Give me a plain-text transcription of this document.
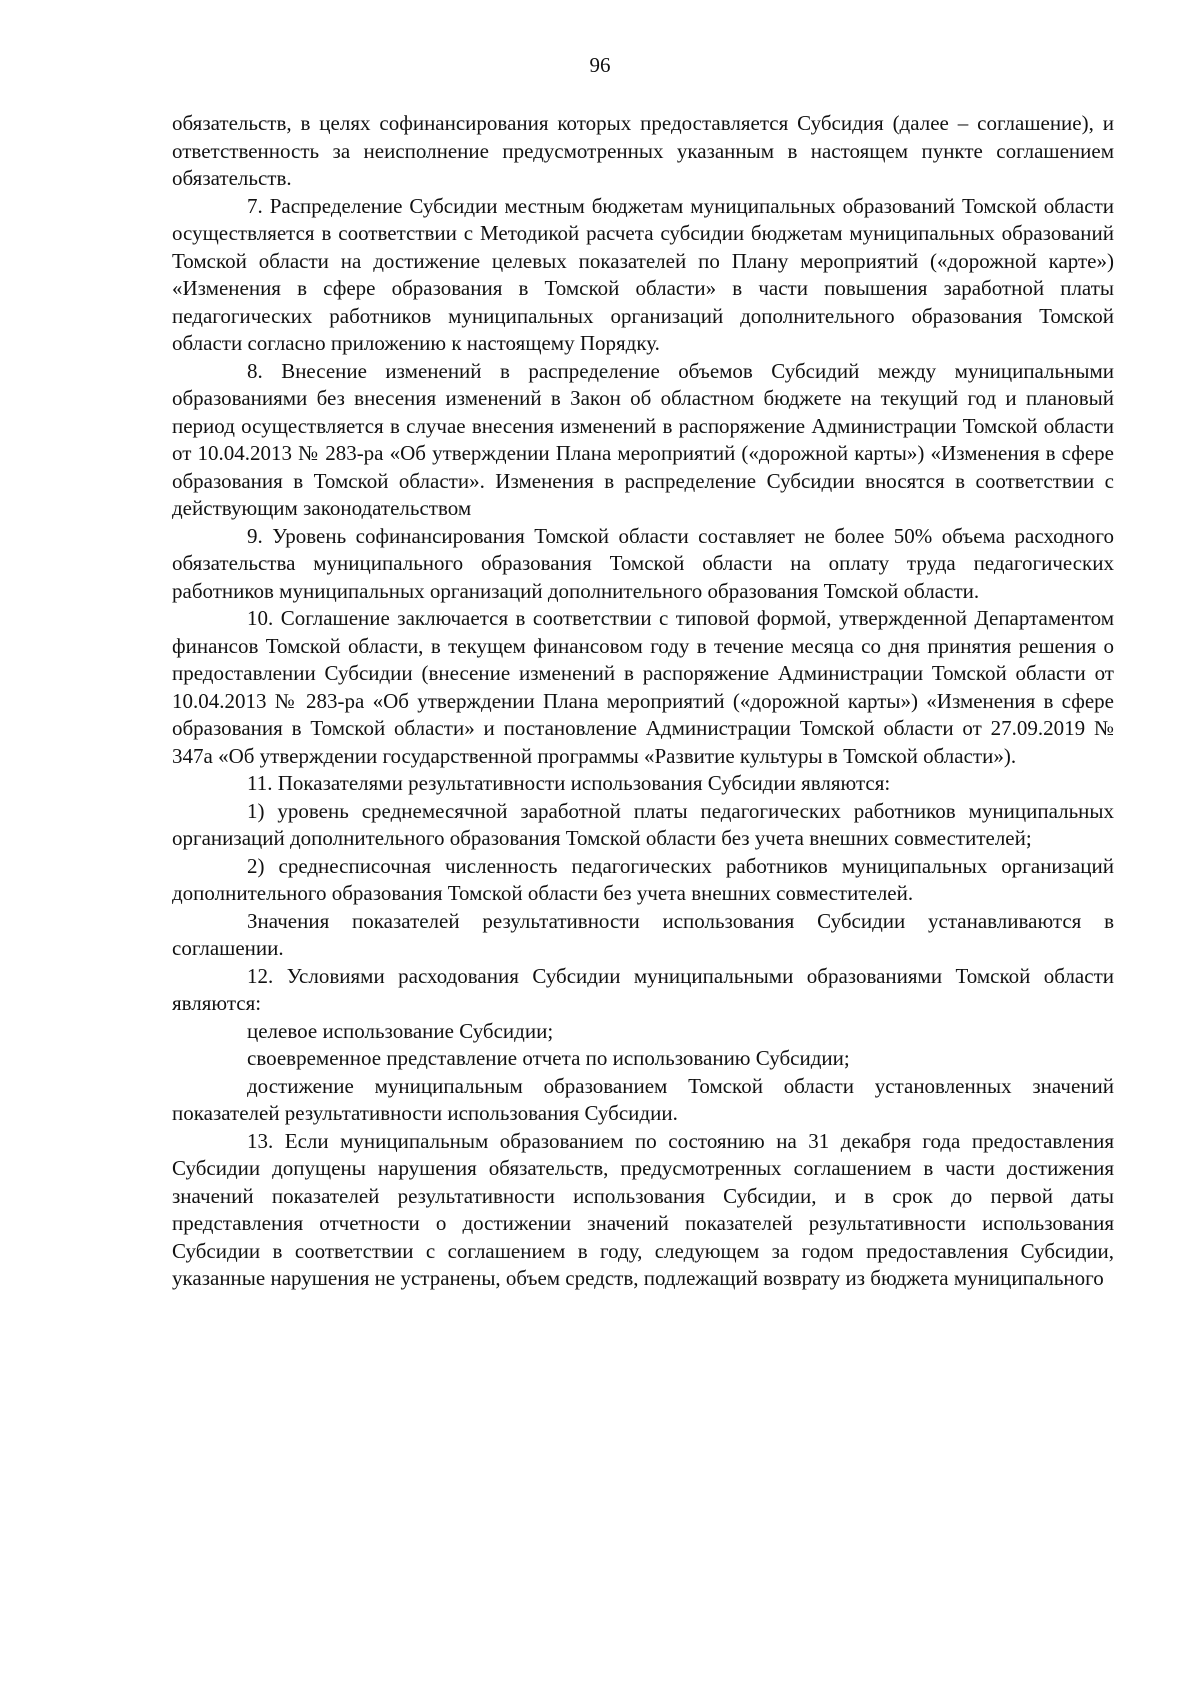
96

обязательств, в целях софинансирования которых предоставляется Субсидия (далее – соглашение), и ответственность за неисполнение предусмотренных указанным в настоящем пункте соглашением обязательств.

7. Распределение Субсидии местным бюджетам муниципальных образований Томской области осуществляется в соответствии с Методикой расчета субсидии бюджетам муниципальных образований Томской области на достижение целевых показателей по Плану мероприятий («дорожной карте») «Изменения в сфере образования в Томской области» в части повышения заработной платы педагогических работников муниципальных организаций дополнительного образования Томской области согласно приложению к настоящему Порядку.

8. Внесение изменений в распределение объемов Субсидий между муниципальными образованиями без внесения изменений в Закон об областном бюджете на текущий год и плановый период осуществляется в случае внесения изменений в распоряжение Администрации Томской области от 10.04.2013 № 283-ра «Об утверждении Плана мероприятий («дорожной карты») «Изменения в сфере образования в Томской области». Изменения в распределение Субсидии вносятся в соответствии с действующим законодательством

9. Уровень софинансирования Томской области составляет не более 50% объема расходного обязательства муниципального образования Томской области на оплату труда педагогических работников муниципальных организаций дополнительного образования Томской области.

10. Соглашение заключается в соответствии с типовой формой, утвержденной Департаментом финансов Томской области, в текущем финансовом году в течение месяца со дня принятия решения о предоставлении Субсидии (внесение изменений в распоряжение Администрации Томской области от 10.04.2013 № 283-ра «Об утверждении Плана мероприятий («дорожной карты») «Изменения в сфере образования в Томской области» и постановление Администрации Томской области от 27.09.2019 № 347а «Об утверждении государственной программы «Развитие культуры в Томской области»).

11. Показателями результативности использования Субсидии являются:

1) уровень среднемесячной заработной платы педагогических работников муниципальных организаций дополнительного образования Томской области без учета внешних совместителей;

2) среднесписочная численность педагогических работников муниципальных организаций дополнительного образования Томской области без учета внешних совместителей.

Значения показателей результативности использования Субсидии устанавливаются в соглашении.

12. Условиями расходования Субсидии муниципальными образованиями Томской области являются:

целевое использование Субсидии;

своевременное представление отчета по использованию Субсидии;

достижение муниципальным образованием Томской области установленных значений показателей результативности использования Субсидии.

13. Если муниципальным образованием по состоянию на 31 декабря года предоставления Субсидии допущены нарушения обязательств, предусмотренных соглашением в части достижения значений показателей результативности использования Субсидии, и в срок до первой даты представления отчетности о достижении значений показателей результативности использования Субсидии в соответствии с соглашением в году, следующем за годом предоставления Субсидии, указанные нарушения не устранены, объем средств, подлежащий возврату из бюджета муниципального
